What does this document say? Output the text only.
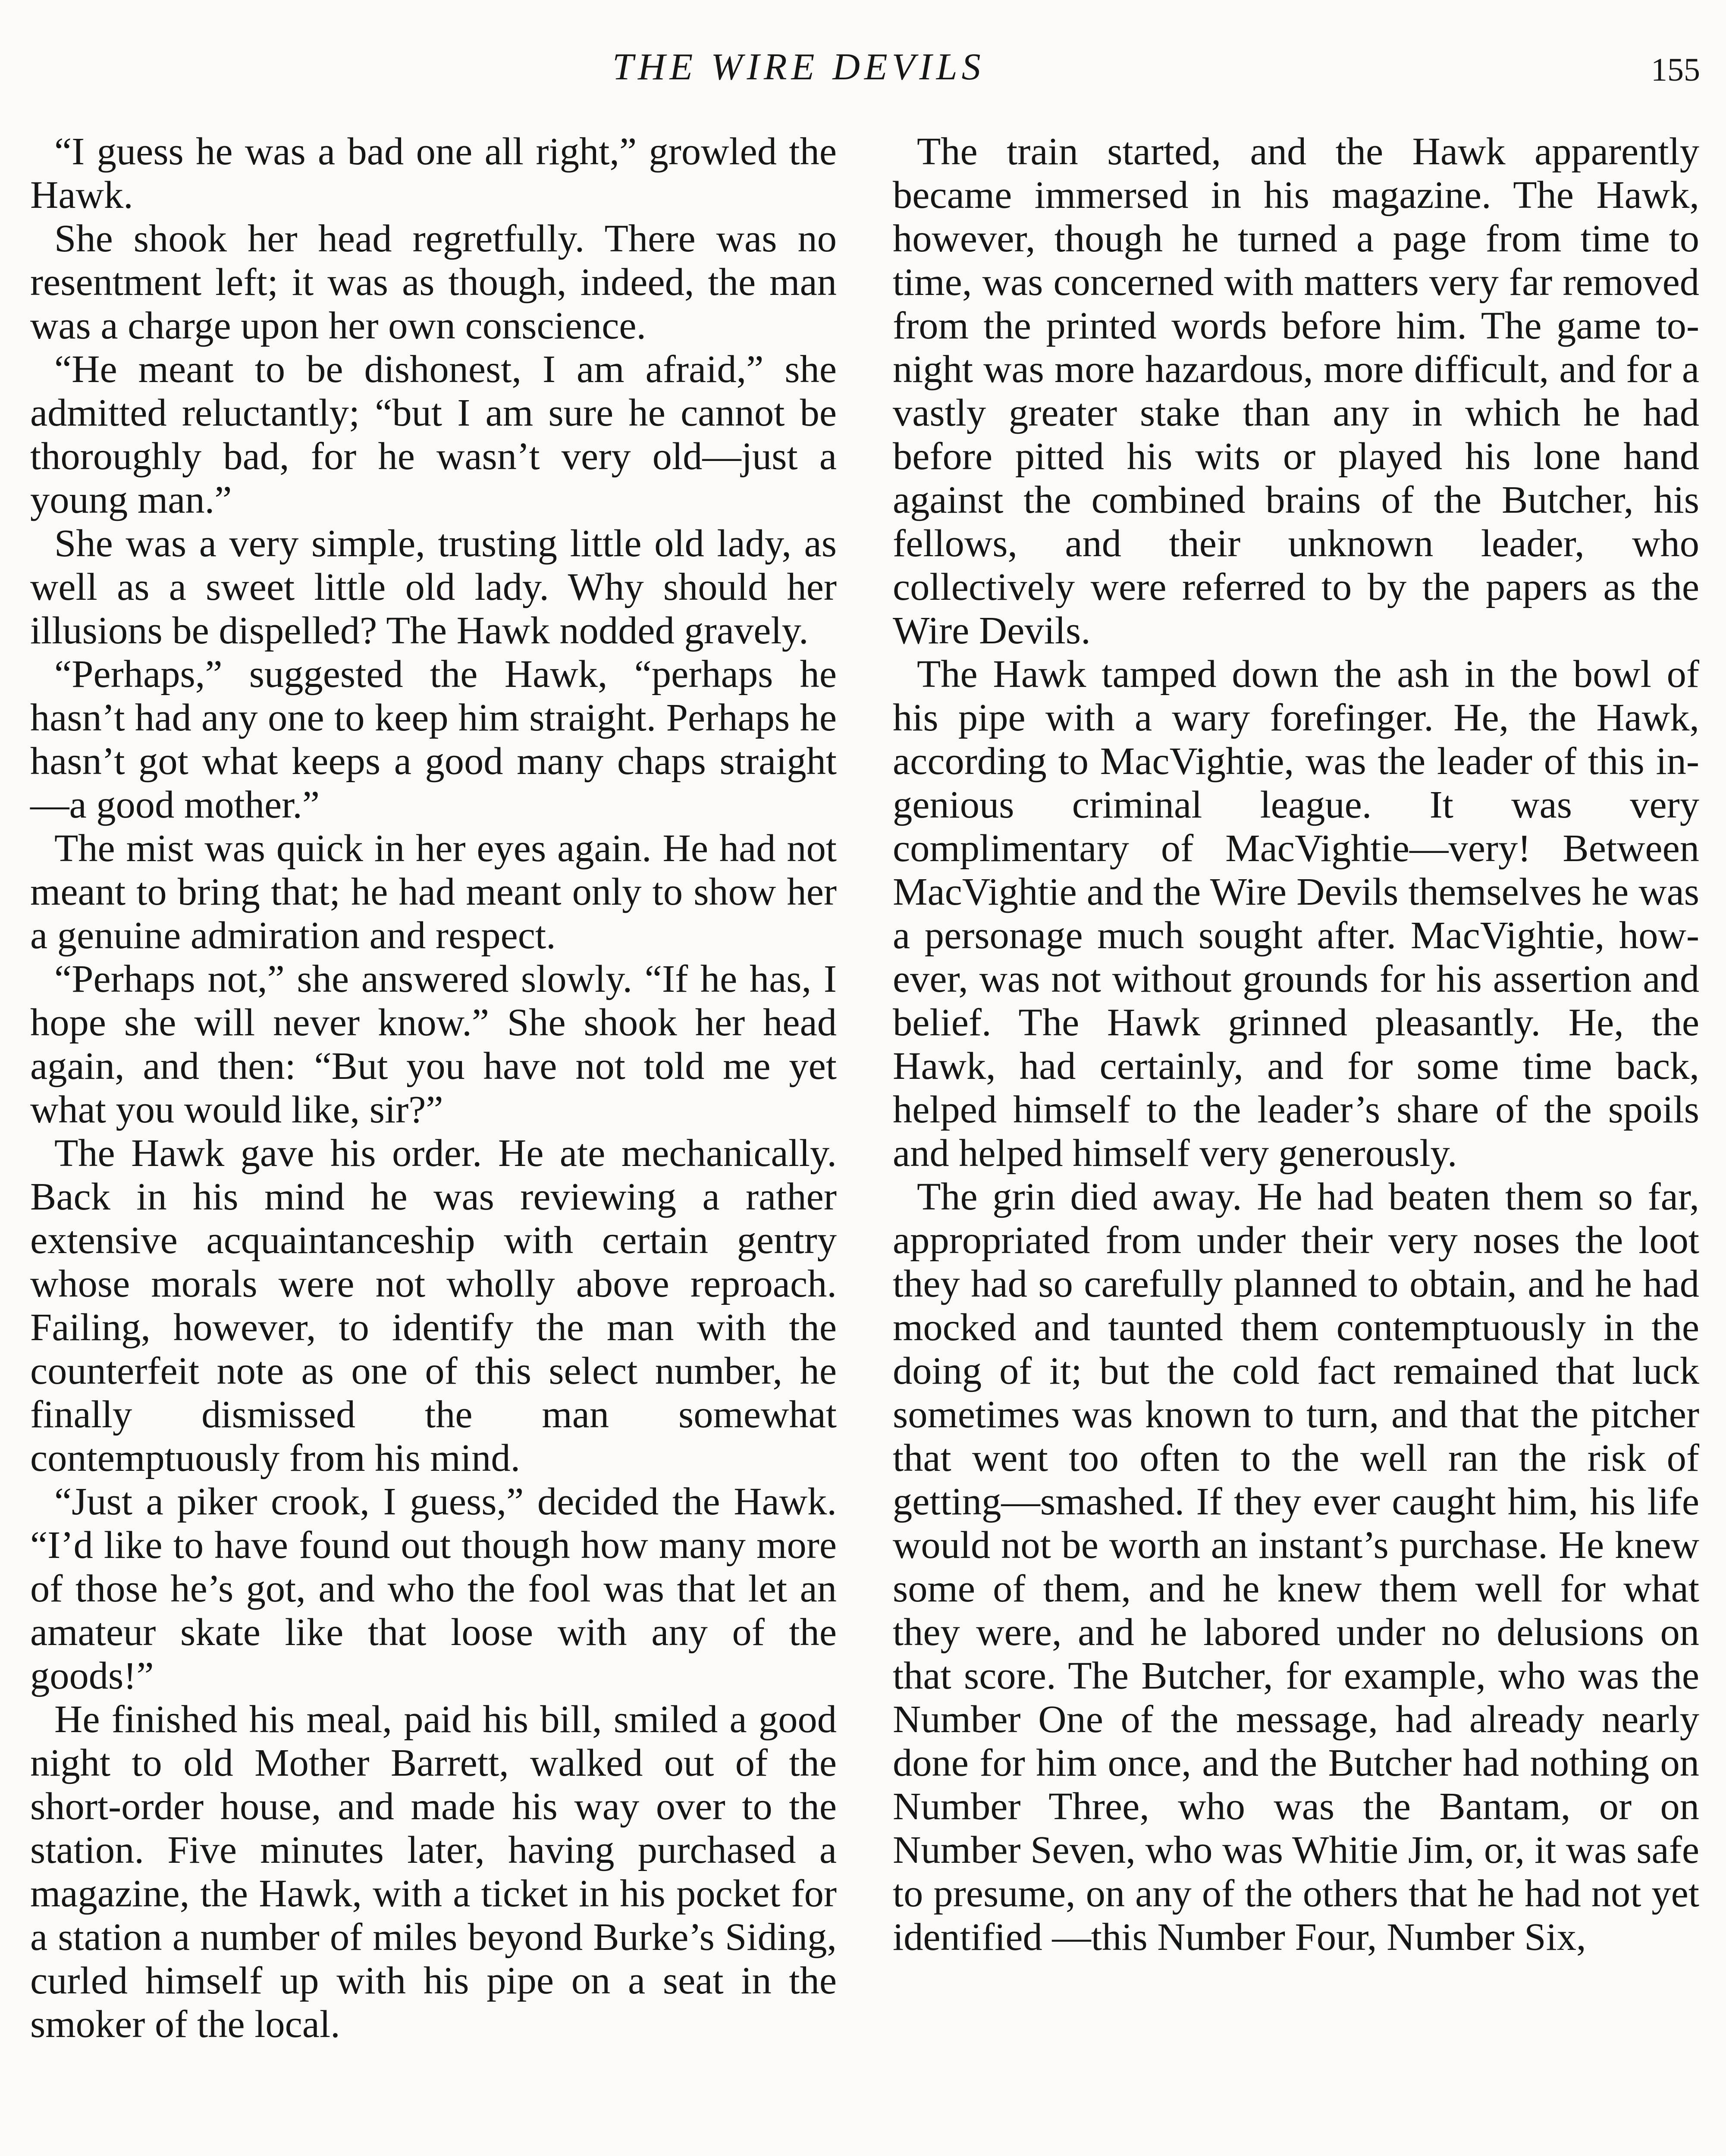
THE WIRE DEVILS	155

“I guess he was a bad one all right,” growled the Hawk.

She shook her head regretfully. There was no resentment left; it was as though, indeed, the man was a charge upon her own conscience.

“He meant to be dishonest, I am afraid,” she admitted reluctantly; “but I am sure he cannot be thoroughly bad, for he wasn’t very old—just a young man.”

She was a very simple, trusting little old lady, as well as a sweet little old lady. Why should her illusions be dispelled? The Hawk nodded gravely.

“Perhaps,” suggested the Hawk, “perhaps he hasn’t had any one to keep him straight. Perhaps he hasn’t got what keeps a good many chaps straight—a good mother.”

The mist was quick in her eyes again. He had not meant to bring that; he had meant only to show her a genuine admiration and respect.

“Perhaps not,” she answered slowly. “If he has, I hope she will never know.” She shook her head again, and then: “But you have not told me yet what you would like, sir?”

The Hawk gave his order. He ate mechanically. Back in his mind he was reviewing a rather extensive acquaintanceship with certain gentry whose morals were not wholly above reproach. Failing, however, to identify the man with the counterfeit note as one of this select number, he finally dismissed the man somewhat contemptuously from his mind.

“Just a piker crook, I guess,” decided the Hawk. “I’d like to have found out though how many more of those he’s got, and who the fool was that let an amateur skate like that loose with any of the goods!”

He finished his meal, paid his bill, smiled a good night to old Mother Barrett, walked out of the short-order house, and made his way over to the station. Five minutes later, having purchased a magazine, the Hawk, with a ticket in his pocket for a station a number of miles beyond Burke’s Siding, curled himself up with his pipe on a seat in the smoker of the local.

The train started, and the Hawk apparently became immersed in his magazine. The Hawk, however, though he turned a page from time to time, was concerned with matters very far removed from the printed words before him. The game to-night was more hazardous, more difficult, and for a vastly greater stake than any in which he had before pitted his wits or played his lone hand against the combined brains of the Butcher, his fellows, and their unknown leader, who collectively were referred to by the papers as the Wire Devils.

The Hawk tamped down the ash in the bowl of his pipe with a wary forefinger. He, the Hawk, according to MacVightie, was the leader of this ingenious criminal league. It was very complimentary of MacVightie—very! Between MacVightie and the Wire Devils themselves he was a personage much sought after. MacVightie, however, was not without grounds for his assertion and belief. The Hawk grinned pleasantly. He, the Hawk, had certainly, and for some time back, helped himself to the leader’s share of the spoils and helped himself very generously.

The grin died away. He had beaten them so far, appropriated from under their very noses the loot they had so carefully planned to obtain, and he had mocked and taunted them contemptuously in the doing of it; but the cold fact remained that luck sometimes was known to turn, and that the pitcher that went too often to the well ran the risk of getting—smashed. If they ever caught him, his life would not be worth an instant’s purchase. He knew some of them, and he knew them well for what they were, and he labored under no delusions on that score. The Butcher, for example, who was the Number One of the message, had already nearly done for him once, and the Butcher had nothing on Number Three, who was the Bantam, or on Number Seven, who was Whitie Jim, or, it was safe to presume, on any of the others that he had not yet identified —this Number Four, Number Six,
